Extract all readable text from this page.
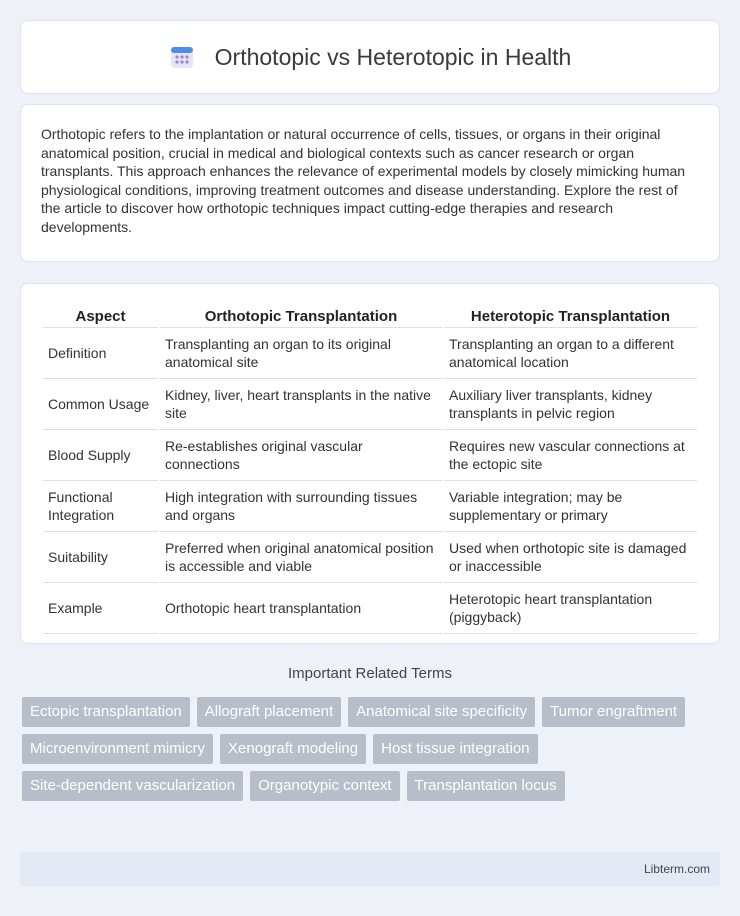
Orthotopic vs Heterotopic in Health

Orthotopic refers to the implantation or natural occurrence of cells, tissues, or organs in their original anatomical position, crucial in medical and biological contexts such as cancer research or organ transplants. This approach enhances the relevance of experimental models by closely mimicking human physiological conditions, improving treatment outcomes and disease understanding. Explore the rest of the article to discover how orthotopic techniques impact cutting-edge therapies and research developments.

Aspect	Orthotopic Transplantation	Heterotopic Transplantation
Definition	Transplanting an organ to its original anatomical site	Transplanting an organ to a different anatomical location
Common Usage	Kidney, liver, heart transplants in the native site	Auxiliary liver transplants, kidney transplants in pelvic region
Blood Supply	Re-establishes original vascular connections	Requires new vascular connections at the ectopic site
Functional Integration	High integration with surrounding tissues and organs	Variable integration; may be supplementary or primary
Suitability	Preferred when original anatomical position is accessible and viable	Used when orthotopic site is damaged or inaccessible
Example	Orthotopic heart transplantation	Heterotopic heart transplantation (piggyback)
Important Related Terms
Ectopic transplantation	Allograft placement	Anatomical site specificity	Tumor engraftment
Microenvironment mimicry	Xenograft modeling	Host tissue integration
Site-dependent vascularization	Organotypic context	Transplantation locus
Libterm.com
